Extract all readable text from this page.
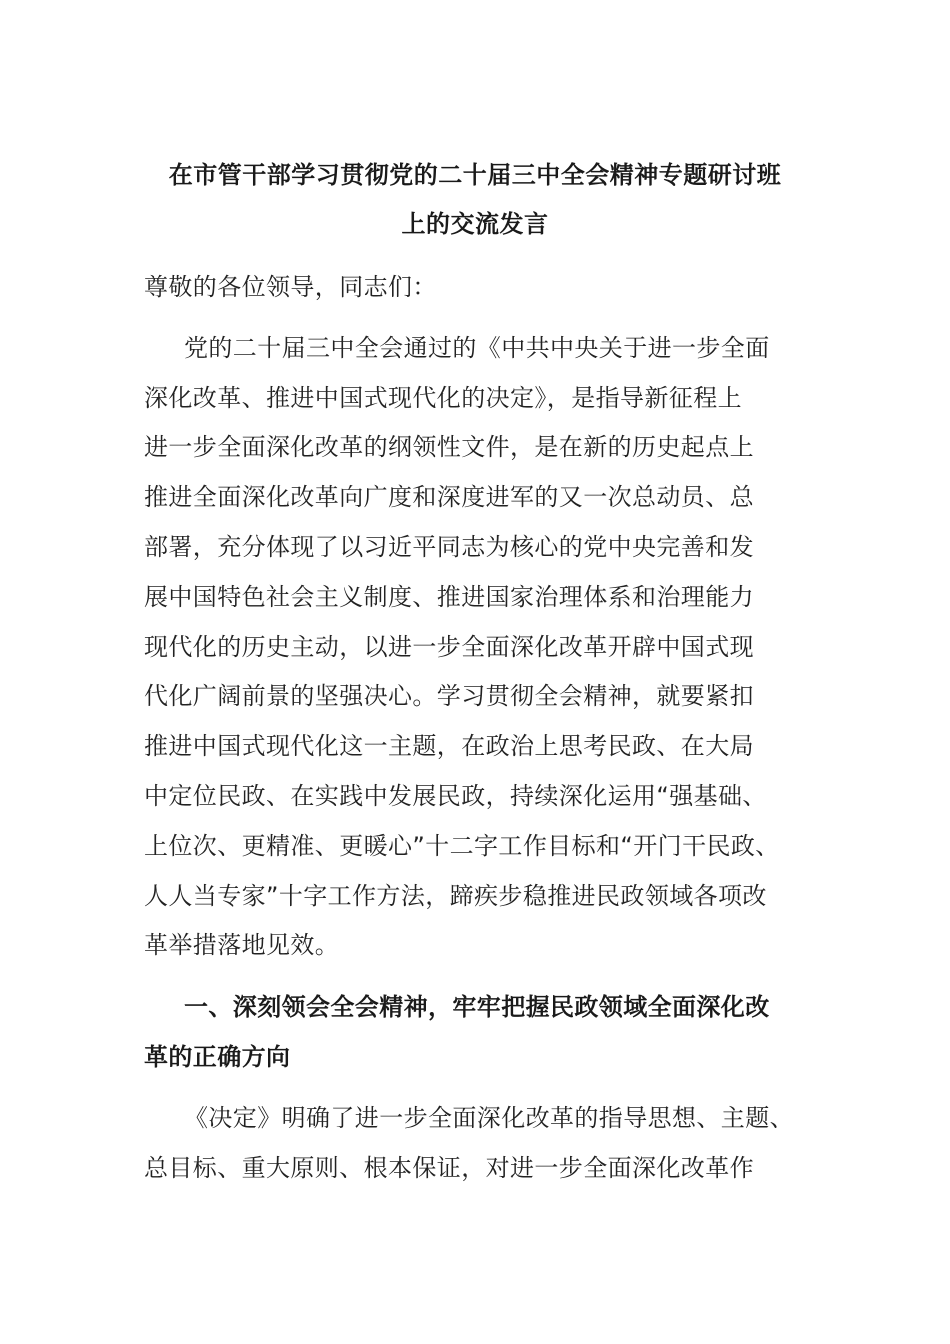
在市管干部学习贯彻党的二十届三中全会精神专题研讨班
上的交流发言
尊敬的各位领导，同志们：
党的二十届三中全会通过的《中共中央关于进一步全面
深化改革、推进中国式现代化的决定》，是指导新征程上
进一步全面深化改革的纲领性文件，是在新的历史起点上
推进全面深化改革向广度和深度进军的又一次总动员、总
部署，充分体现了以习近平同志为核心的党中央完善和发
展中国特色社会主义制度、推进国家治理体系和治理能力
现代化的历史主动，以进一步全面深化改革开辟中国式现
代化广阔前景的坚强决心。学习贯彻全会精神，就要紧扣
推进中国式现代化这一主题，在政治上思考民政、在大局
中定位民政、在实践中发展民政，持续深化运用“强基础、
上位次、更精准、更暖心”十二字工作目标和“开门干民政、
人人当专家”十字工作方法，蹄疾步稳推进民政领域各项改
革举措落地见效。
一、深刻领会全会精神，牢牢把握民政领域全面深化改
革的正确方向
《决定》明确了进一步全面深化改革的指导思想、主题、
总目标、重大原则、根本保证，对进一步全面深化改革作
